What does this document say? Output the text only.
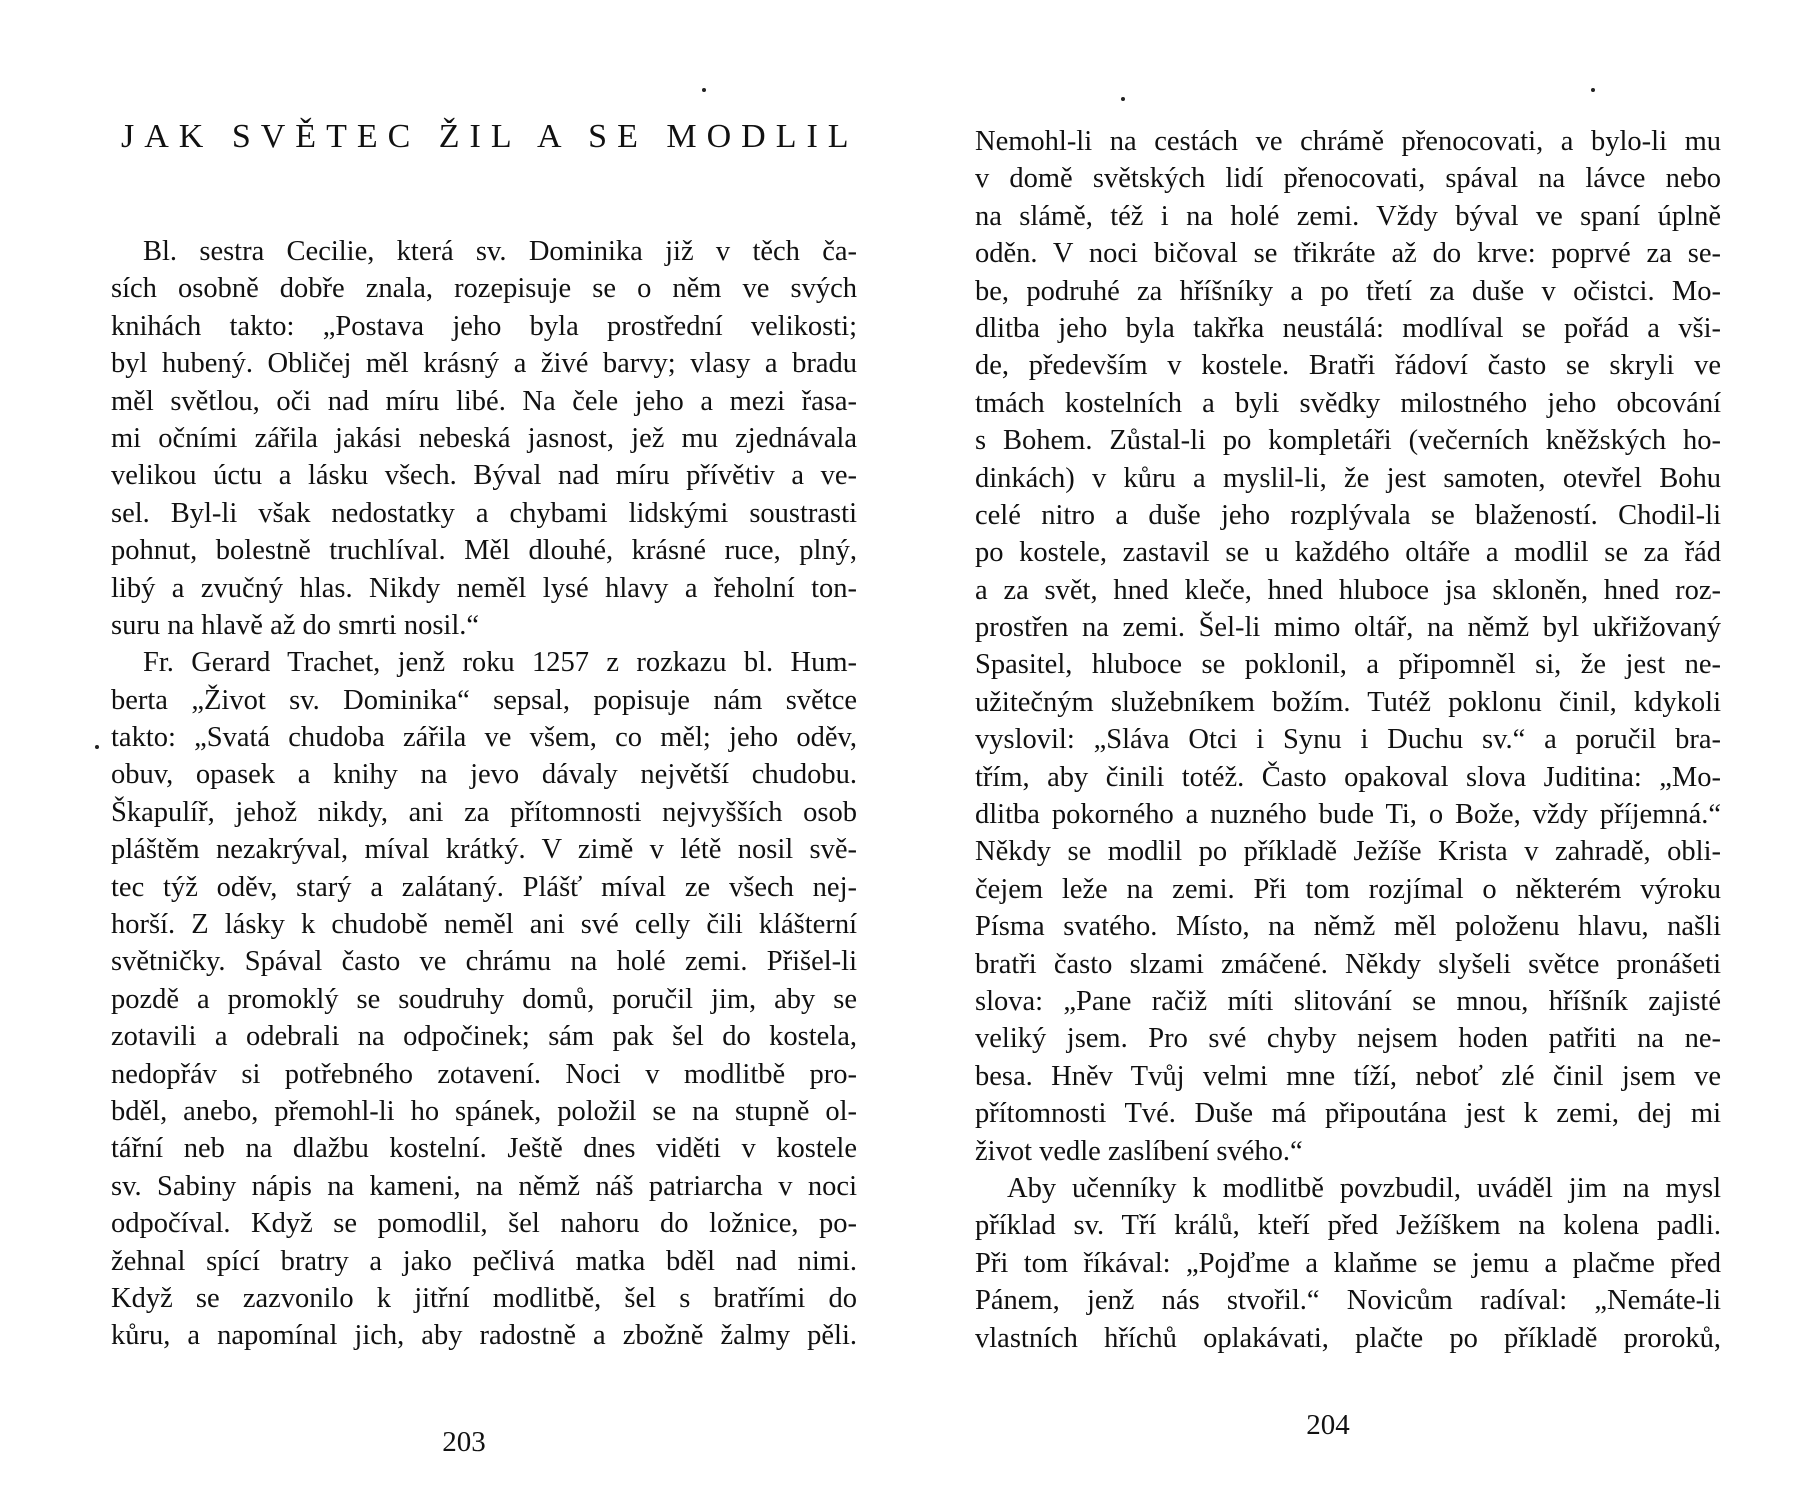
JAK SVĚTEC ŽIL A SE MODLIL
Bl. sestra Cecilie, která sv. Dominika již v těch ča-
sích osobně dobře znala, rozepisuje se o něm ve svých
knihách takto: „Postava jeho byla prostřední velikosti;
byl hubený. Obličej měl krásný a živé barvy; vlasy a bradu
měl světlou, oči nad míru libé. Na čele jeho a mezi řasa-
mi očními zářila jakási nebeská jasnost, jež mu zjednávala
velikou úctu a lásku všech. Býval nad míru přívětiv a ve-
sel. Byl-li však nedostatky a chybami lidskými soustrasti
pohnut, bolestně truchlíval. Měl dlouhé, krásné ruce, plný,
libý a zvučný hlas. Nikdy neměl lysé hlavy a řeholní ton-
suru na hlavě až do smrti nosil.“
Fr. Gerard Trachet, jenž roku 1257 z rozkazu bl. Hum-
berta „Život sv. Dominika“ sepsal, popisuje nám světce
takto: „Svatá chudoba zářila ve všem, co měl; jeho oděv,
obuv, opasek a knihy na jevo dávaly největší chudobu.
Škapulíř, jehož nikdy, ani za přítomnosti nejvyšších osob
pláštěm nezakrýval, míval krátký. V zimě v létě nosil svě-
tec týž oděv, starý a zalátaný. Plášť míval ze všech nej-
horší. Z lásky k chudobě neměl ani své celly čili klášterní
světničky. Spával často ve chrámu na holé zemi. Přišel-li
pozdě a promoklý se soudruhy domů, poručil jim, aby se
zotavili a odebrali na odpočinek; sám pak šel do kostela,
nedopřáv si potřebného zotavení. Noci v modlitbě pro-
bděl, anebo, přemohl-li ho spánek, položil se na stupně ol-
tářní neb na dlažbu kostelní. Ještě dnes viděti v kostele
sv. Sabiny nápis na kameni, na němž náš patriarcha v noci
odpočíval. Když se pomodlil, šel nahoru do ložnice, po-
žehnal spící bratry a jako pečlivá matka bděl nad nimi.
Když se zazvonilo k jitřní modlitbě, šel s bratřími do
kůru, a napomínal jich, aby radostně a zbožně žalmy pěli.

203

Nemohl-li na cestách ve chrámě přenocovati, a bylo-li mu
v domě světských lidí přenocovati, spával na lávce nebo
na slámě, též i na holé zemi. Vždy býval ve spaní úplně
oděn. V noci bičoval se třikráte až do krve: poprvé za se-
be, podruhé za hříšníky a po třetí za duše v očistci. Mo-
dlitba jeho byla takřka neustálá: modlíval se pořád a vši-
de, především v kostele. Bratři řádoví často se skryli ve
tmách kostelních a byli svědky milostného jeho obcování
s Bohem. Zůstal-li po kompletáři (večerních kněžských ho-
dinkách) v kůru a myslil-li, že jest samoten, otevřel Bohu
celé nitro a duše jeho rozplývala se blažeností. Chodil-li
po kostele, zastavil se u každého oltáře a modlil se za řád
a za svět, hned kleče, hned hluboce jsa skloněn, hned roz-
prostřen na zemi. Šel-li mimo oltář, na němž byl ukřižovaný
Spasitel, hluboce se poklonil, a připomněl si, že jest ne-
užitečným služebníkem božím. Tutéž poklonu činil, kdykoli
vyslovil: „Sláva Otci i Synu i Duchu sv.“ a poručil bra-
třím, aby činili totéž. Často opakoval slova Juditina: „Mo-
dlitba pokorného a nuzného bude Ti, o Bože, vždy příjemná.“
Někdy se modlil po příkladě Ježíše Krista v zahradě, obli-
čejem leže na zemi. Při tom rozjímal o některém výroku
Písma svatého. Místo, na němž měl položenu hlavu, našli
bratři často slzami zmáčené. Někdy slyšeli světce pronášeti
slova: „Pane račiž míti slitování se mnou, hříšník zajisté
veliký jsem. Pro své chyby nejsem hoden patřiti na ne-
besa. Hněv Tvůj velmi mne tíží, neboť zlé činil jsem ve
přítomnosti Tvé. Duše má připoutána jest k zemi, dej mi
život vedle zaslíbení svého.“
Aby učenníky k modlitbě povzbudil, uváděl jim na mysl
příklad sv. Tří králů, kteří před Ježíškem na kolena padli.
Při tom říkával: „Pojďme a klaňme se jemu a plačme před
Pánem, jenž nás stvořil.“ Novicům radíval: „Nemáte-li
vlastních hříchů oplakávati, plačte po příkladě proroků,

204
